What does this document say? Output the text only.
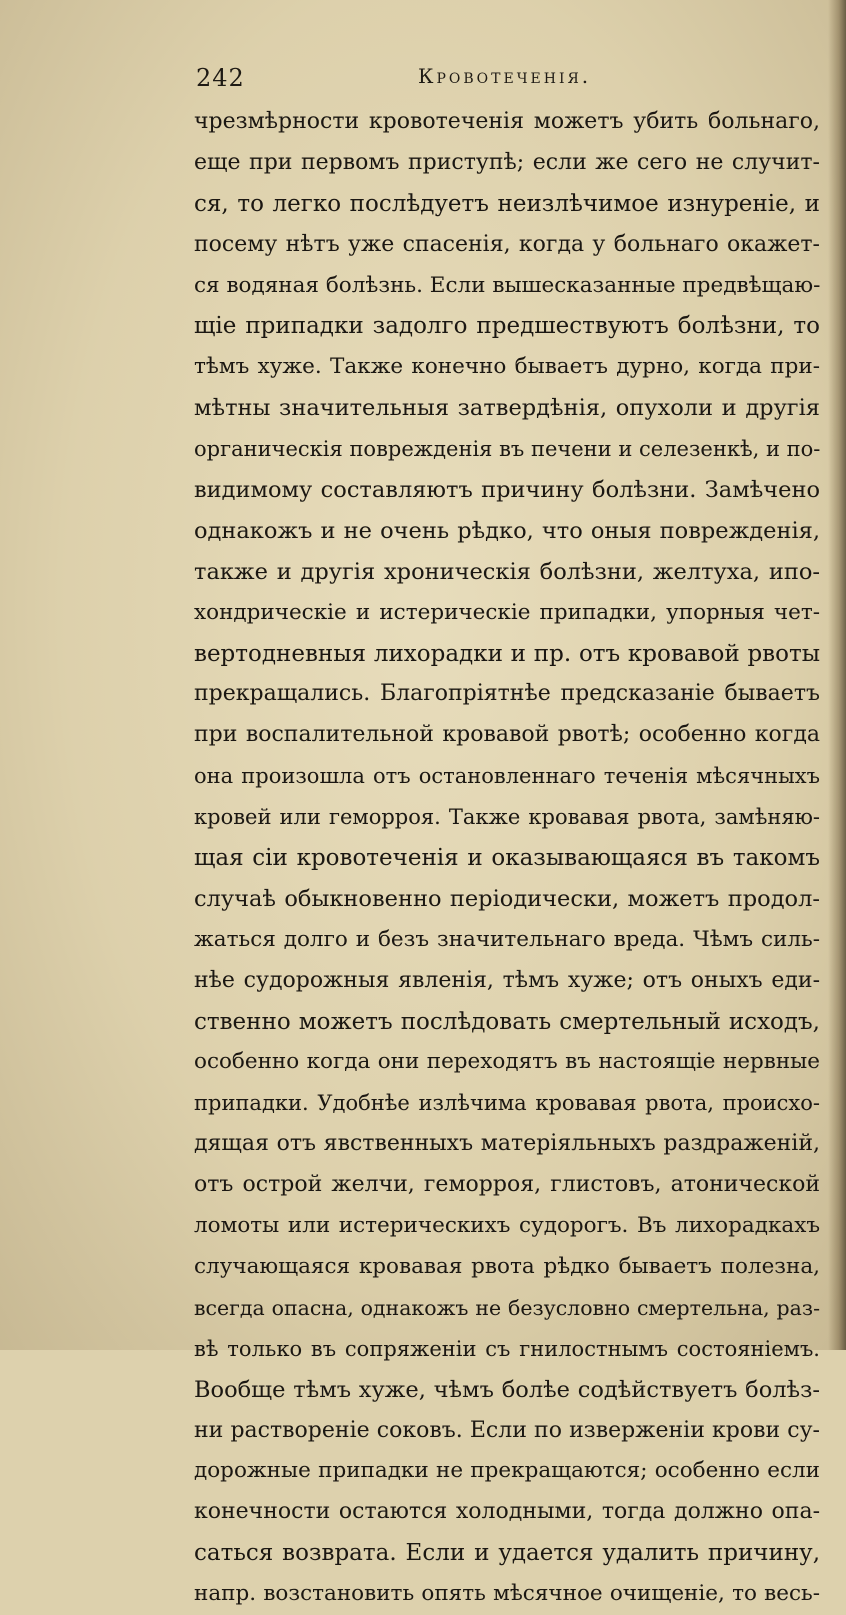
242	Кровотеченія.
чрезмѣрности кровотеченія можетъ убить больнаго,
еще при первомъ приступѣ; если же сего не случит-
ся, то легко послѣдуетъ неизлѣчимое изнуреніе, и
посему нѣтъ уже спасенія, когда у больнаго окажет-
ся водяная болѣзнь. Если вышесказанные предвѣщаю-
щіе припадки задолго предшествуютъ болѣзни, то
тѣмъ хуже. Также конечно бываетъ дурно, когда при-
мѣтны значительныя затвердѣнія, опухоли и другія
органическія поврежденія въ печени и селезенкѣ, и по-
видимому составляютъ причину болѣзни. Замѣчено
однакожъ и не очень рѣдко, что оныя поврежденія,
также и другія хроническія болѣзни, желтуха, ипо-
хондрическіе и истерическіе припадки, упорныя чет-
вертодневныя лихорадки и пр. отъ кровавой рвоты
прекращались. Благопріятнѣе предсказаніе бываетъ
при воспалительной кровавой рвотѣ; особенно когда
она произошла отъ остановленнаго теченія мѣсячныхъ
кровей или геморроя. Также кровавая рвота, замѣняю-
щая сіи кровотеченія и оказывающаяся въ такомъ
случаѣ обыкновенно періодически, можетъ продол-
жаться долго и безъ значительнаго вреда. Чѣмъ силь-
нѣе судорожныя явленія, тѣмъ хуже; отъ оныхъ еди-
ственно можетъ послѣдовать смертельный исходъ,
особенно когда они переходятъ въ настоящіе нервные
припадки. Удобнѣе излѣчима кровавая рвота, происхо-
дящая отъ явственныхъ матеріяльныхъ раздраженій,
отъ острой желчи, геморроя, глистовъ, атонической
ломоты или истерическихъ судорогъ. Въ лихорадкахъ
случающаяся кровавая рвота рѣдко бываетъ полезна,
всегда опасна, однакожъ не безусловно смертельна, раз-
вѣ только въ сопряженіи съ гнилостнымъ состояніемъ.
Вообще тѣмъ хуже, чѣмъ болѣе содѣйствуетъ болѣз-
ни раствореніе соковъ. Если по изверженіи крови су-
дорожные припадки не прекращаются; особенно если
конечности остаются холодными, тогда должно опа-
саться возврата. Если и удается удалить причину,
напр. возстановить опять мѣсячное очищеніе, то весь-
